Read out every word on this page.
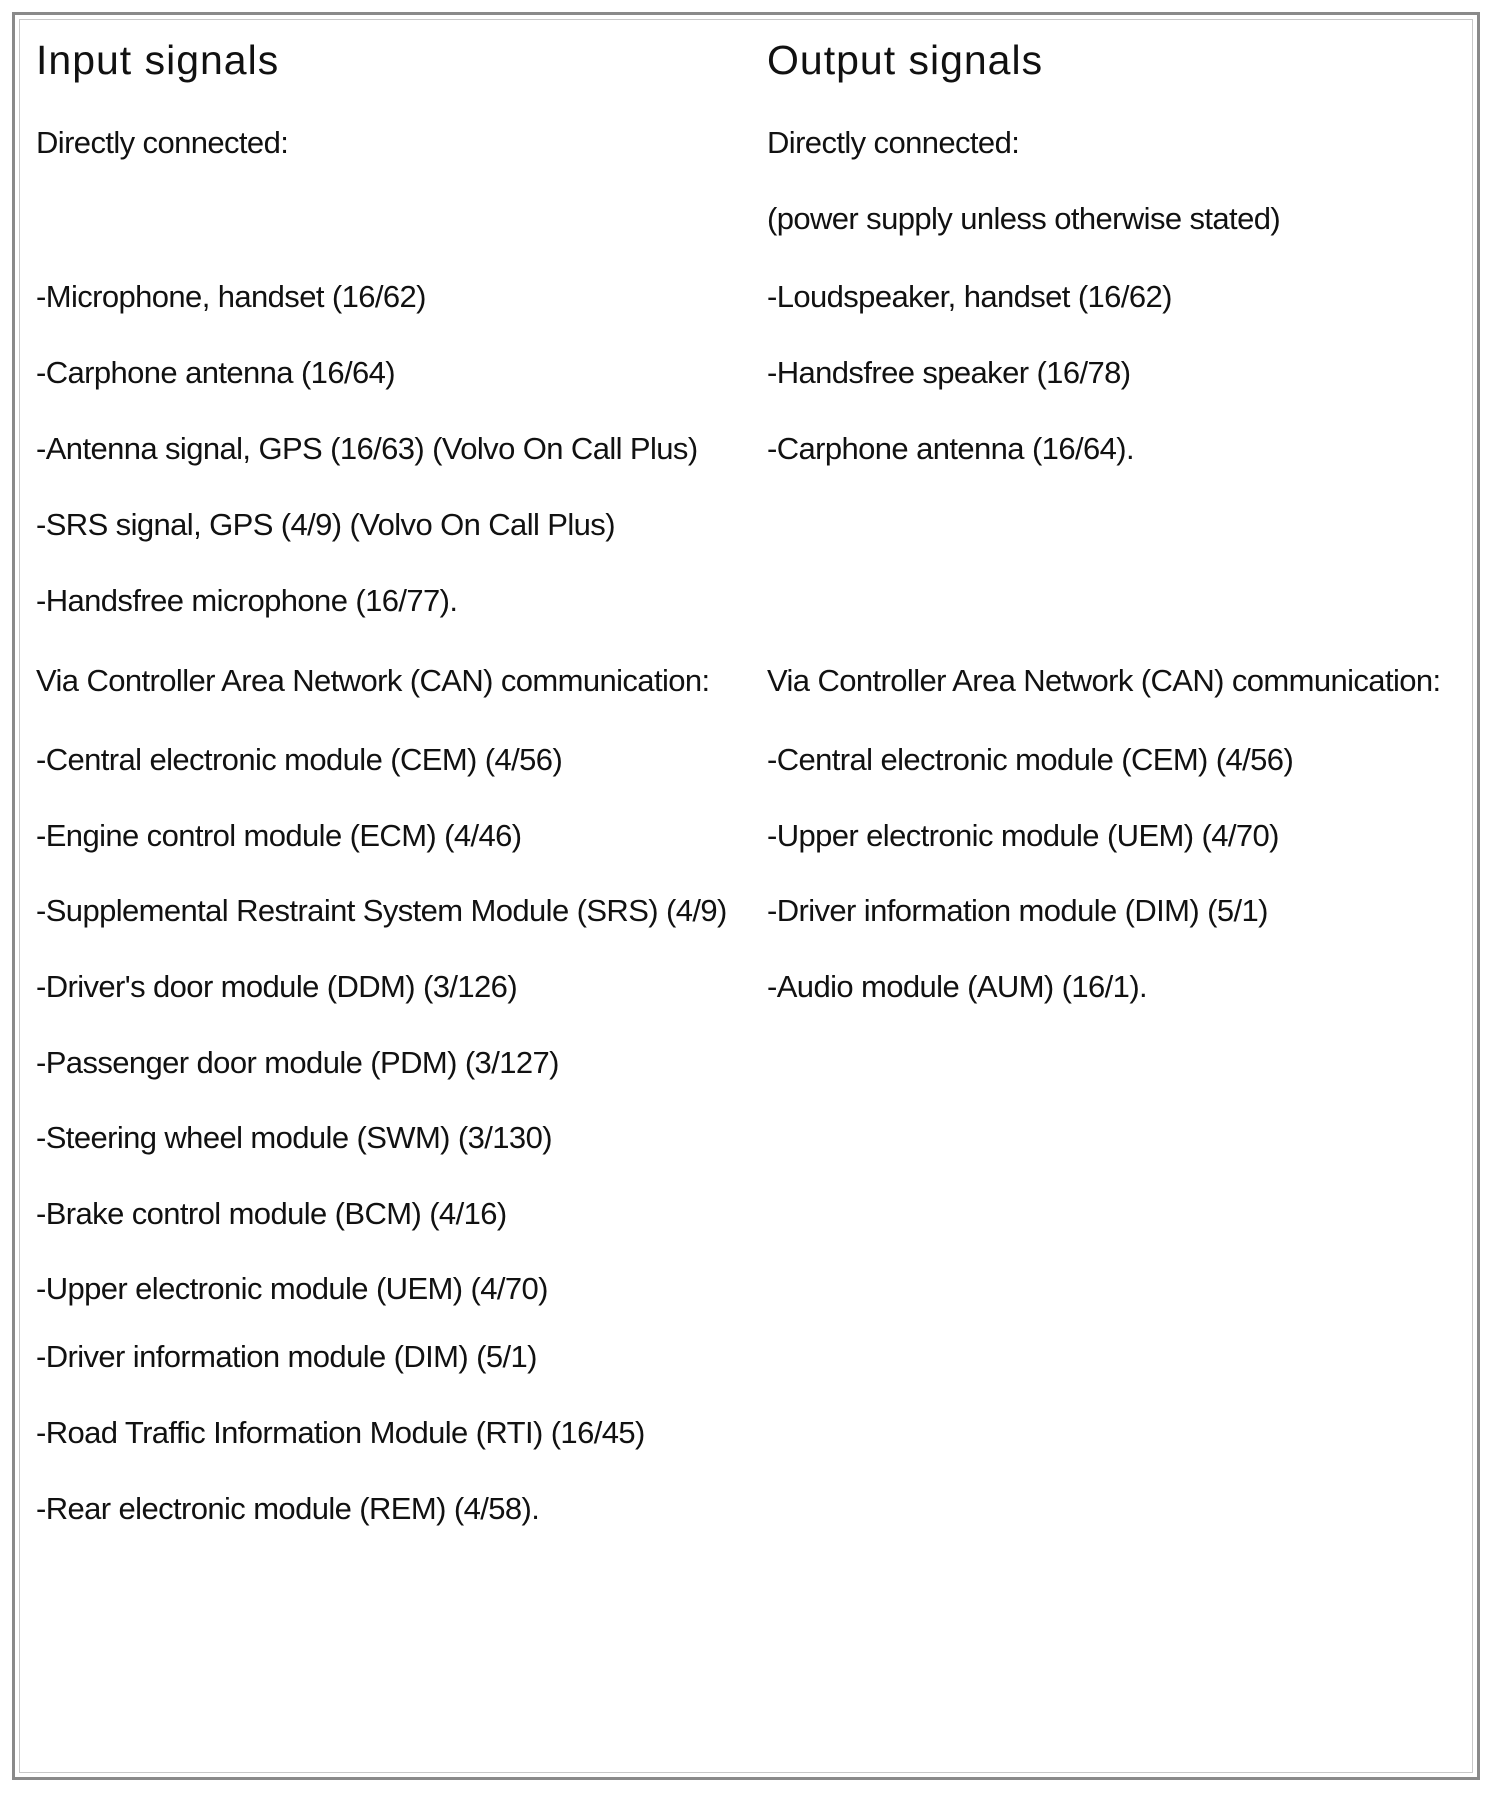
Input signals

Directly connected:

-Microphone, handset (16/62)

-Carphone antenna (16/64)

-Antenna signal, GPS (16/63) (Volvo On Call Plus)

-SRS signal, GPS (4/9) (Volvo On Call Plus)

-Handsfree microphone (16/77).

Via Controller Area Network (CAN) communication:

-Central electronic module (CEM) (4/56)

-Engine control module (ECM) (4/46)

-Supplemental Restraint System Module (SRS) (4/9)

-Driver's door module (DDM) (3/126)

-Passenger door module (PDM) (3/127)

-Steering wheel module (SWM) (3/130)

-Brake control module (BCM) (4/16)

-Upper electronic module (UEM) (4/70)

-Driver information module (DIM) (5/1)

-Road Traffic Information Module (RTI) (16/45)

-Rear electronic module (REM) (4/58).

Output signals

Directly connected:

(power supply unless otherwise stated)

-Loudspeaker, handset (16/62)

-Handsfree speaker (16/78)

-Carphone antenna (16/64).

Via Controller Area Network (CAN) communication:

-Central electronic module (CEM) (4/56)

-Upper electronic module (UEM) (4/70)

-Driver information module (DIM) (5/1)

-Audio module (AUM) (16/1).
